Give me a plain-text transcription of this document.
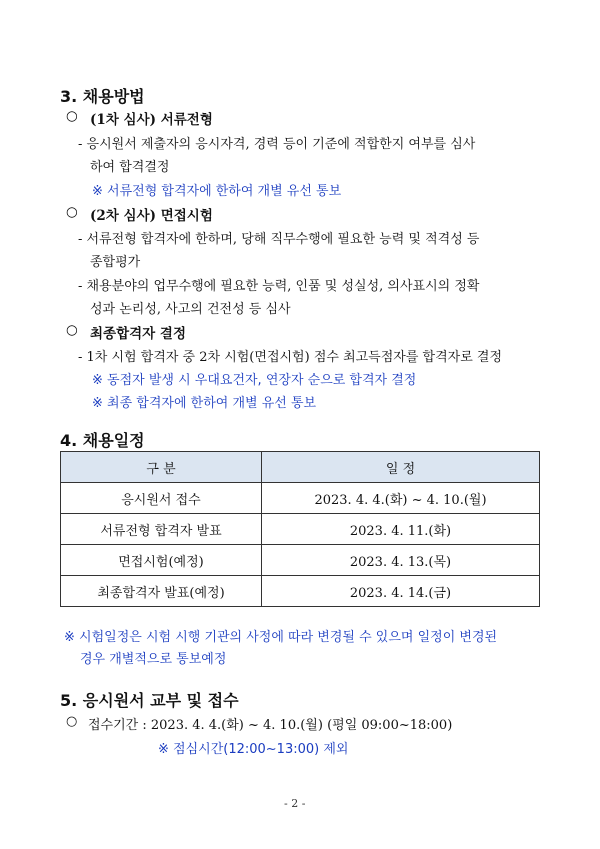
3. 채용방법
○ (1차 심사) 서류전형
- 응시원서 제출자의 응시자격, 경력 등이 기준에 적합한지 여부를 심사
하여 합격결정
※ 서류전형 합격자에 한하여 개별 유선 통보
○ (2차 심사) 면접시험
- 서류전형 합격자에 한하며, 당해 직무수행에 필요한 능력 및 적격성 등
종합평가
- 채용분야의 업무수행에 필요한 능력, 인품 및 성실성, 의사표시의 정확
성과 논리성, 사고의 건전성 등 심사
○ 최종합격자 결정
- 1차 시험 합격자 중 2차 시험(면접시험) 점수 최고득점자를 합격자로 결정
※ 동점자 발생 시 우대요건자, 연장자 순으로 합격자 결정
※ 최종 합격자에 한하여 개별 유선 통보
4. 채용일정
구 분	일 정
응시원서 접수	2023. 4. 4.(화) ~ 4. 10.(월)
서류전형 합격자 발표	2023. 4. 11.(화)
면접시험(예정)	2023. 4. 13.(목)
최종합격자 발표(예정)	2023. 4. 14.(금)
※ 시험일정은 시험 시행 기관의 사정에 따라 변경될 수 있으며 일정이 변경된
경우 개별적으로 통보예정
5. 응시원서 교부 및 접수
○ 접수기간 : 2023. 4. 4.(화) ~ 4. 10.(월) (평일 09:00~18:00)
※ 점심시간(12:00~13:00) 제외
- 2 -
